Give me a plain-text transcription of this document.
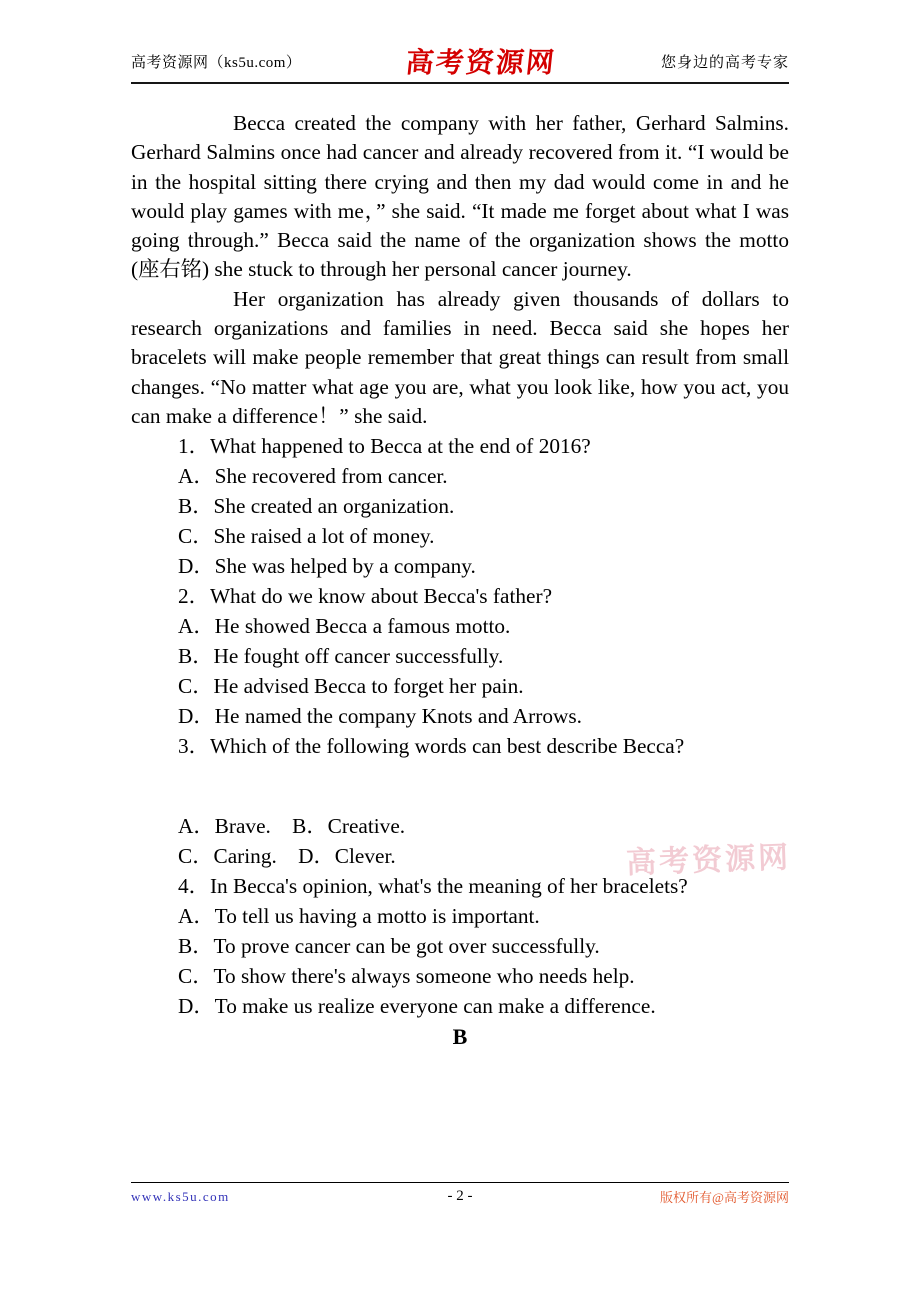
高考资源网（ks5u.com）	高考资源网	您身边的高考专家

Becca created the company with her father, Gerhard Salmins. Gerhard Salmins once had cancer and already recovered from it. “I would be in the hospital sitting there crying and then my dad would come in and he would play games with me，” she said. “It made me forget about what I was going through.” Becca said the name of the organization shows the motto (座右铭) she stuck to through her personal cancer journey.

Her organization has already given thousands of dollars to research organizations and families in need. Becca said she hopes her bracelets will make people remember that great things can result from small changes. “No matter what age you are, what you look like, how you act, you can make a difference！” she said.

1．What happened to Becca at the end of 2016?
A．She recovered from cancer.
B．She created an organization.
C．She raised a lot of money.
D．She was helped by a company.
2．What do we know about Becca's father?
A．He showed Becca a famous motto.
B．He fought off cancer successfully.
C．He advised Becca to forget her pain.
D．He named the company Knots and Arrows.
3．Which of the following words can best describe Becca?
A．Brave.　B．Creative.
C．Caring.　D．Clever.
4．In Becca's opinion, what's the meaning of her bracelets?
A．To tell us having a motto is important.
B．To prove cancer can be got over successfully.
C．To show there's always someone who needs help.
D．To make us realize everyone can make a difference.
B
高考资源网
www.ks5u.com	- 2 -	版权所有@高考资源网
